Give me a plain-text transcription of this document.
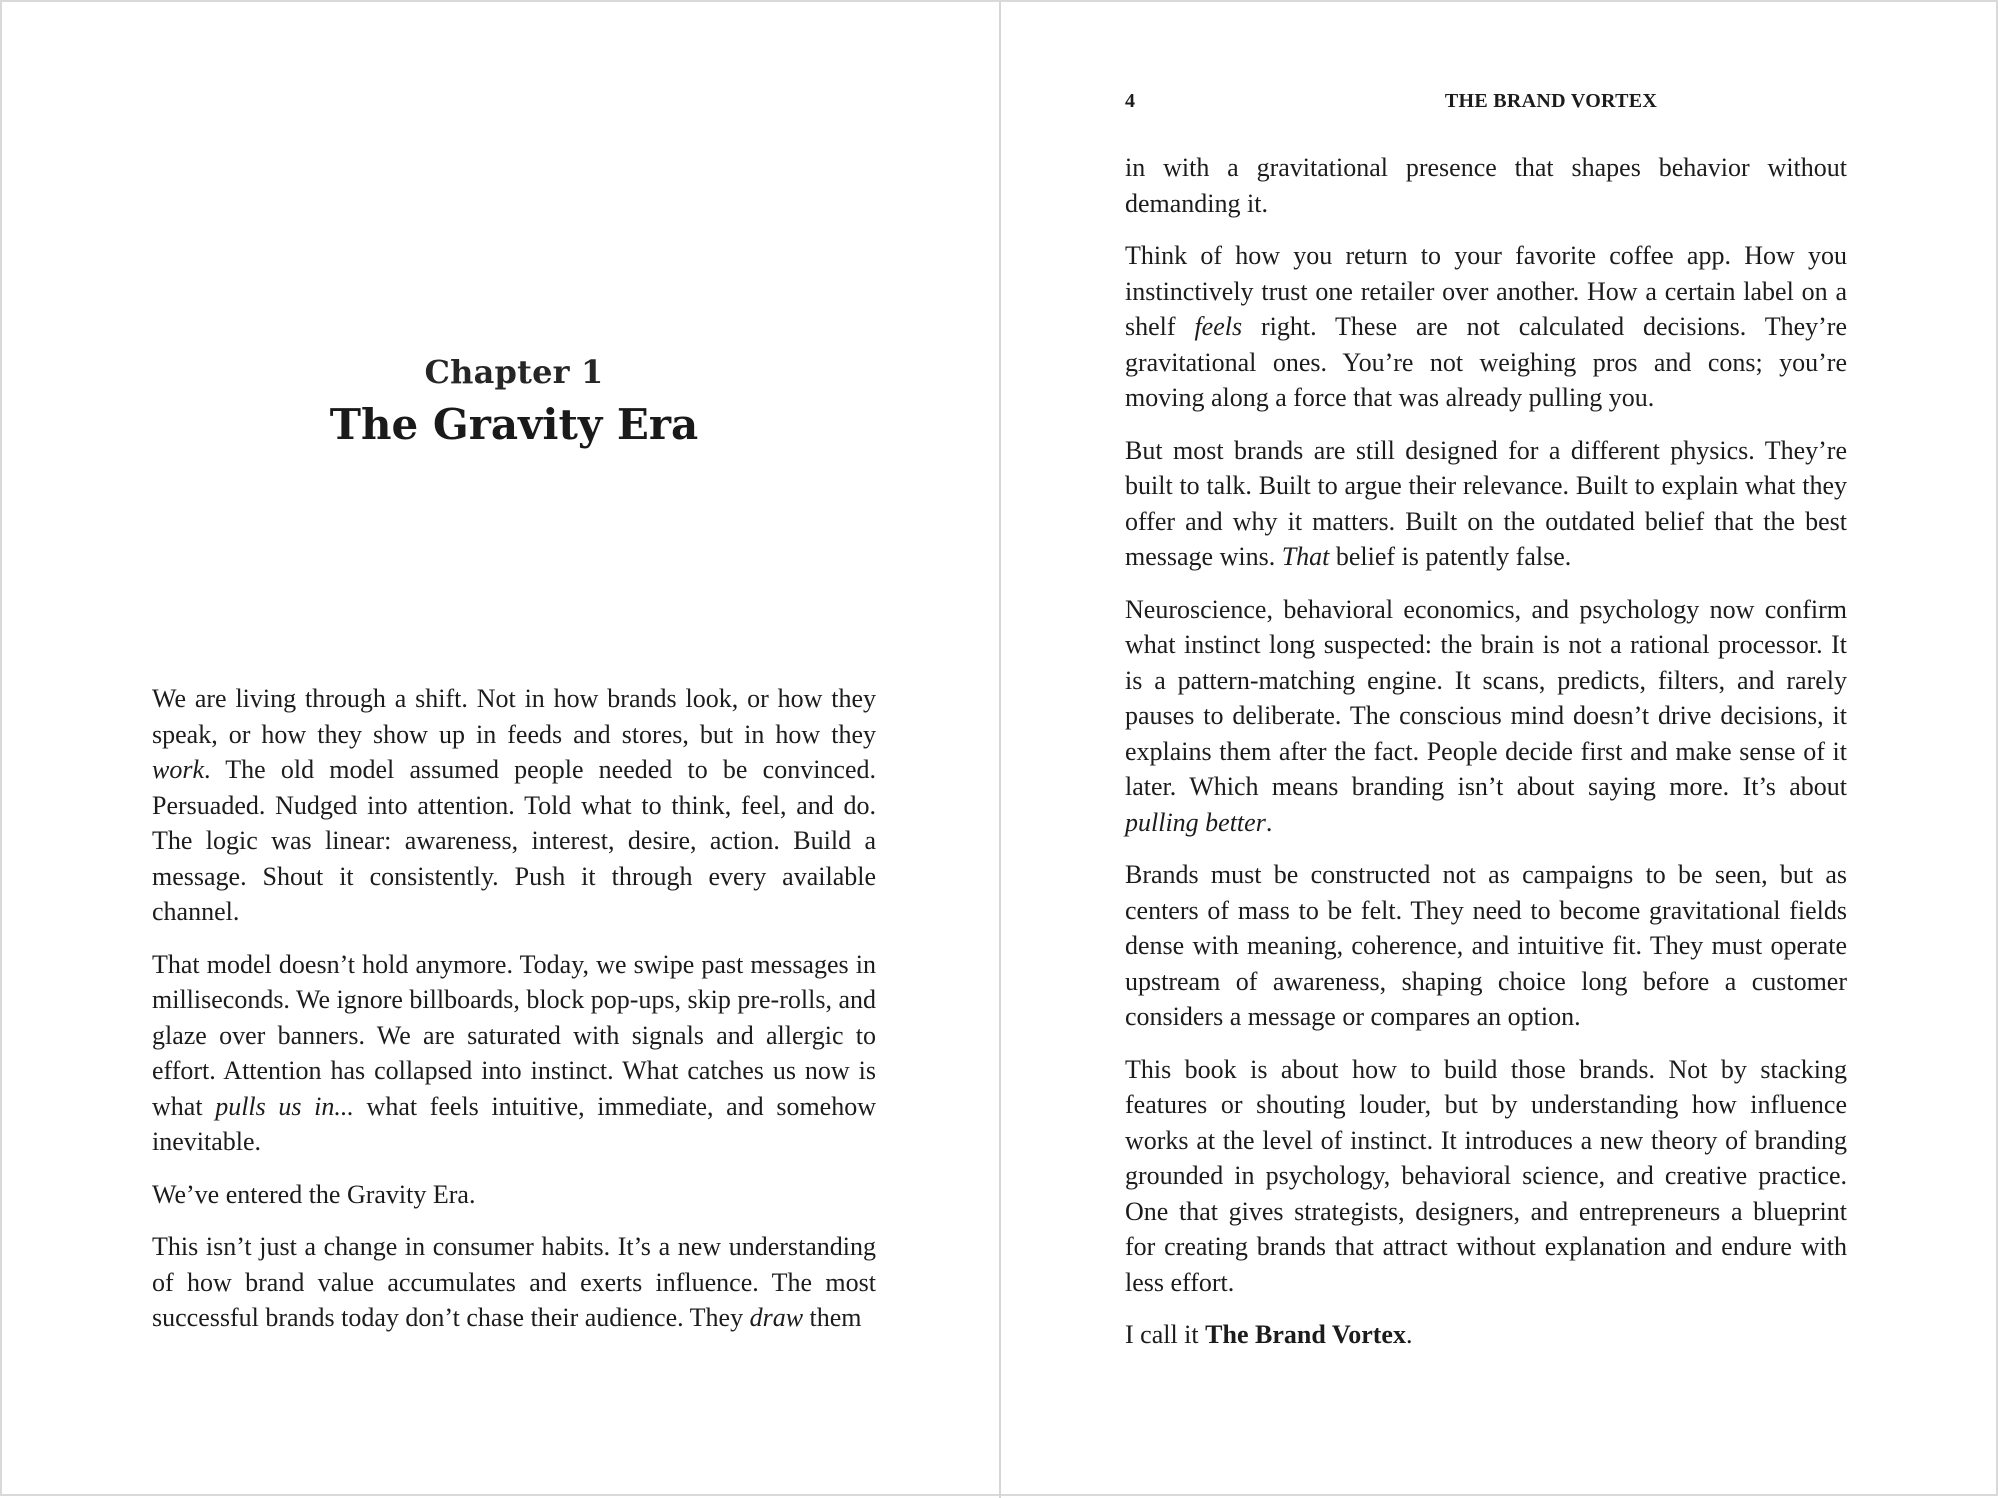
Chapter 1
The Gravity Era

We are living through a shift. Not in how brands look, or how they speak, or how they show up in feeds and stores, but in how they work. The old model assumed people needed to be convinced. Persuaded. Nudged into attention. Told what to think, feel, and do. The logic was linear: awareness, interest, desire, action. Build a message. Shout it consistently. Push it through every available channel.

That model doesn’t hold anymore. Today, we swipe past messages in milliseconds. We ignore billboards, block pop-ups, skip pre-rolls, and glaze over banners. We are saturated with signals and allergic to effort. Attention has collapsed into instinct. What catches us now is what pulls us in... what feels intuitive, immediate, and somehow inevitable.

We’ve entered the Gravity Era.

This isn’t just a change in consumer habits. It’s a new understanding of how brand value accumulates and exerts influence. The most successful brands today don’t chase their audience. They draw them

4	THE BRAND VORTEX

in with a gravitational presence that shapes behavior without demanding it.

Think of how you return to your favorite coffee app. How you instinctively trust one retailer over another. How a certain label on a shelf feels right. These are not calculated decisions. They’re gravitational ones. You’re not weighing pros and cons; you’re moving along a force that was already pulling you.

But most brands are still designed for a different physics. They’re built to talk. Built to argue their relevance. Built to explain what they offer and why it matters. Built on the outdated belief that the best message wins. That belief is patently false.

Neuroscience, behavioral economics, and psychology now confirm what instinct long suspected: the brain is not a rational processor. It is a pattern-matching engine. It scans, predicts, filters, and rarely pauses to deliberate. The conscious mind doesn’t drive decisions, it explains them after the fact. People decide first and make sense of it later. Which means branding isn’t about saying more. It’s about pulling better.

Brands must be constructed not as campaigns to be seen, but as centers of mass to be felt. They need to become gravitational fields dense with meaning, coherence, and intuitive fit. They must operate upstream of awareness, shaping choice long before a customer considers a message or compares an option.

This book is about how to build those brands. Not by stacking features or shouting louder, but by understanding how influence works at the level of instinct. It introduces a new theory of branding grounded in psychology, behavioral science, and creative practice. One that gives strategists, designers, and entrepreneurs a blueprint for creating brands that attract without explanation and endure with less effort.

I call it The Brand Vortex.
